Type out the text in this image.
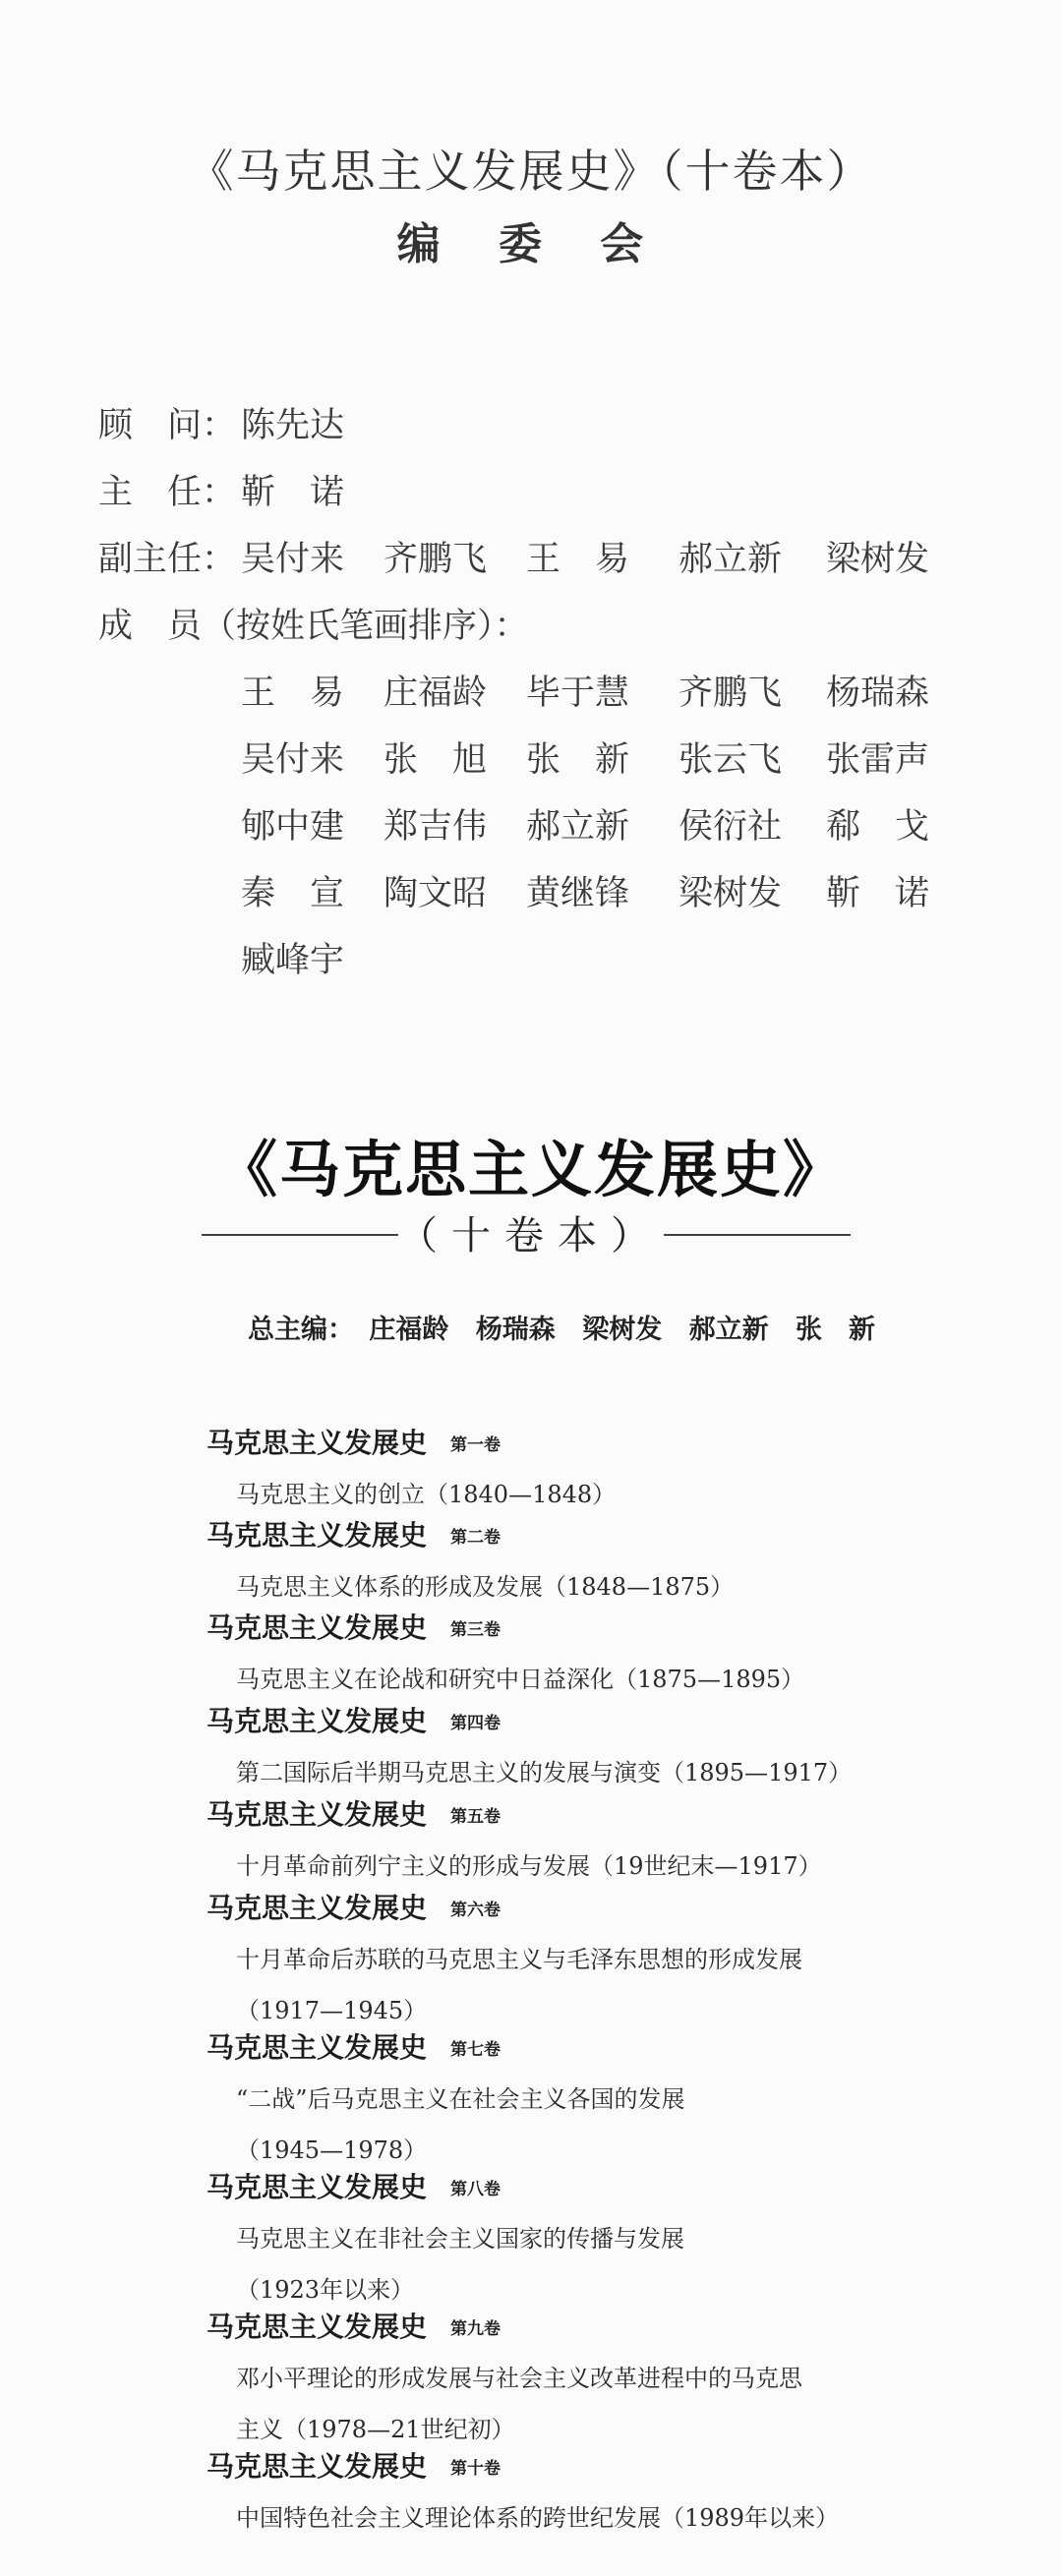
《马克思主义发展史》（十卷本）
编 委 会
顾　问： 陈先达
主　任： 靳　诺
副主任： 吴付来 齐鹏飞 王　易 郝立新 梁树发
成　员（按姓氏笔画排序）：
王　易 庄福龄 毕于慧 齐鹏飞 杨瑞森
吴付来 张　旭 张　新 张云飞 张雷声
郇中建 郑吉伟 郝立新 侯衍社 郗　戈
秦　宣 陶文昭 黄继锋 梁树发 靳　诺
臧峰宇
《马克思主义发展史》
（十卷本）
总主编： 庄福龄 杨瑞森 梁树发 郝立新 张　新
马克思主义发展史 第一卷
马克思主义的创立（1840—1848）
马克思主义发展史 第二卷
马克思主义体系的形成及发展（1848—1875）
马克思主义发展史 第三卷
马克思主义在论战和研究中日益深化（1875—1895）
马克思主义发展史 第四卷
第二国际后半期马克思主义的发展与演变（1895—1917）
马克思主义发展史 第五卷
十月革命前列宁主义的形成与发展（19世纪末—1917）
马克思主义发展史 第六卷
十月革命后苏联的马克思主义与毛泽东思想的形成发展
（1917—1945）
马克思主义发展史 第七卷
“二战”后马克思主义在社会主义各国的发展
（1945—1978）
马克思主义发展史 第八卷
马克思主义在非社会主义国家的传播与发展
（1923年以来）
马克思主义发展史 第九卷
邓小平理论的形成发展与社会主义改革进程中的马克思
主义（1978—21世纪初）
马克思主义发展史 第十卷
中国特色社会主义理论体系的跨世纪发展（1989年以来）
